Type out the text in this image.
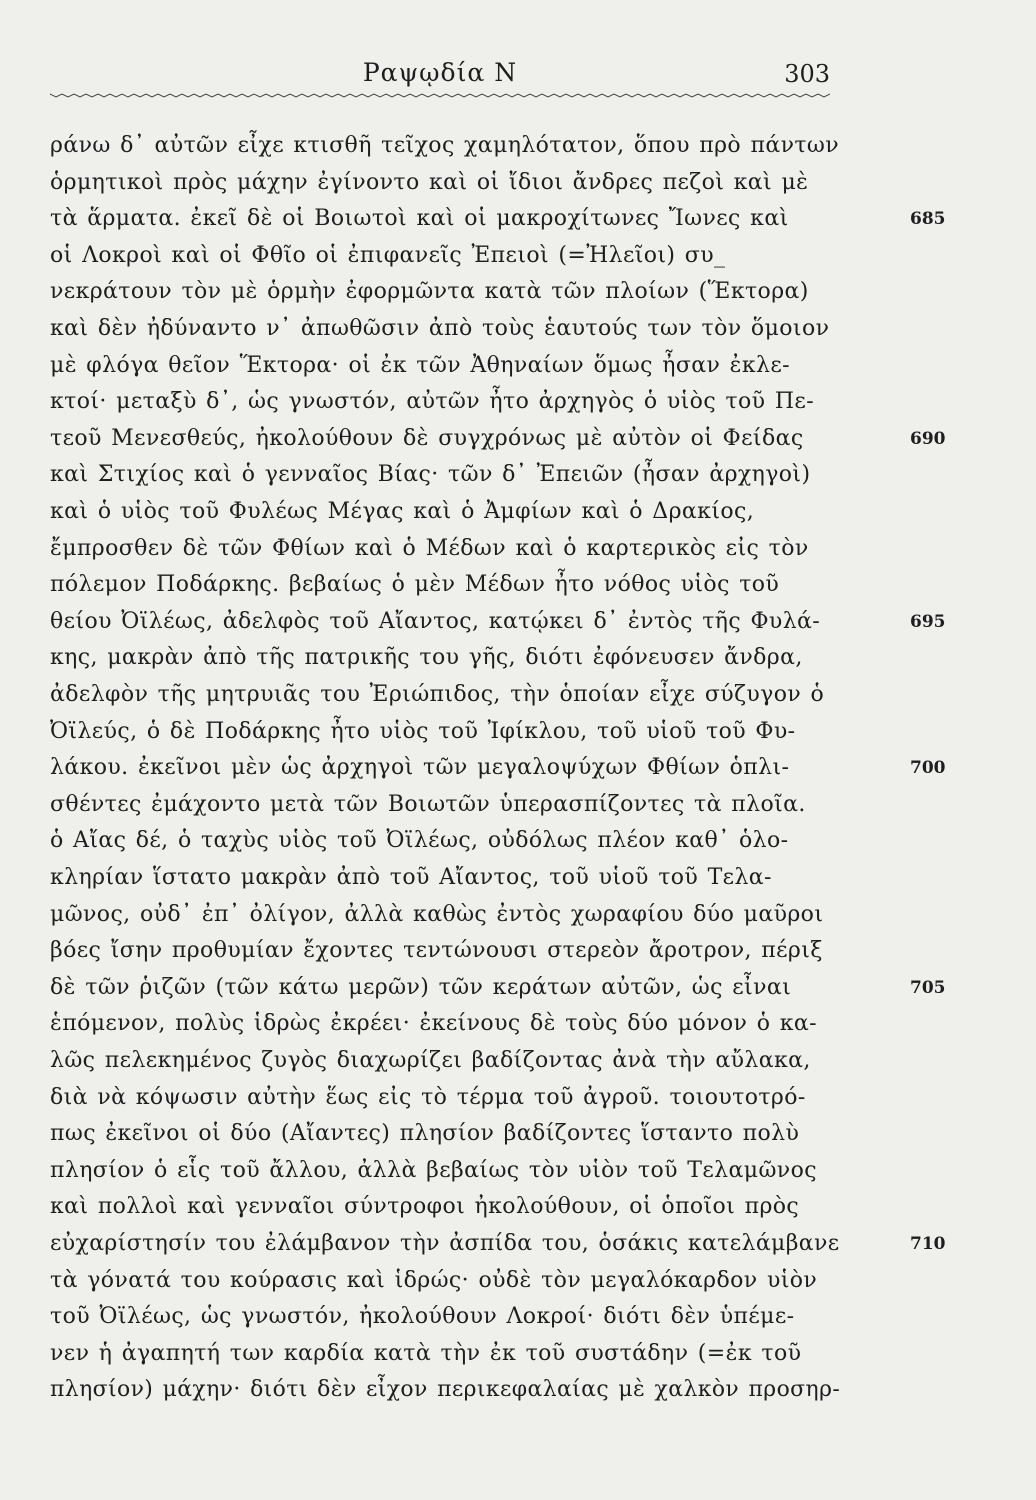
Ραψῳδία Ν	303
ράνω δ᾿ αὐτῶν εἶχε κτισθῆ τεῖχος χαμηλότατον, ὅπου πρὸ πάντων
ὁρμητικοὶ πρὸς μάχην ἐγίνοντο καὶ οἱ ἴδιοι ἄνδρες πεζοὶ καὶ μὲ
τὰ ἅρματα. ἐκεῖ δὲ οἱ Βοιωτοὶ καὶ οἱ μακροχίτωνες Ἴωνες καὶ	685
οἱ Λοκροὶ καὶ οἱ Φθῖο οἱ ἐπιφανεῖς Ἐπειοὶ (=Ἠλεῖοι) συ_
νεκράτουν τὸν μὲ ὁρμὴν ἐφορμῶντα κατὰ τῶν πλοίων (Ἕκτορα)
καὶ δὲν ἠδύναντο ν᾿ ἀπωθῶσιν ἀπὸ τοὺς ἑαυτούς των τὸν ὅμοιον
μὲ φλόγα θεῖον Ἕκτορα· οἱ ἐκ τῶν Ἀθηναίων ὅμως ἦσαν ἐκλε-
κτοί· μεταξὺ δ᾿, ὡς γνωστόν, αὐτῶν ἦτο ἀρχηγὸς ὁ υἱὸς τοῦ Πε-
τεοῦ Μενεσθεύς, ἠκολούθουν δὲ συγχρόνως μὲ αὐτὸν οἱ Φείδας	690
καὶ Στιχίος καὶ ὁ γενναῖος Βίας· τῶν δ᾿ Ἐπειῶν (ἦσαν ἀρχηγοὶ)
καὶ ὁ υἱὸς τοῦ Φυλέως Μέγας καὶ ὁ Ἀμφίων καὶ ὁ Δρακίος,
ἔμπροσθεν δὲ τῶν Φθίων καὶ ὁ Μέδων καὶ ὁ καρτερικὸς εἰς τὸν
πόλεμον Ποδάρκης. βεβαίως ὁ μὲν Μέδων ἦτο νόθος υἱὸς τοῦ
θείου Ὀϊλέως, ἀδελφὸς τοῦ Αἴαντος, κατῴκει δ᾿ ἐντὸς τῆς Φυλά-	695
κης, μακρὰν ἀπὸ τῆς πατρικῆς του γῆς, διότι ἐφόνευσεν ἄνδρα,
ἀδελφὸν τῆς μητρυιᾶς του Ἐριώπιδος, τὴν ὁποίαν εἶχε σύζυγον ὁ
Ὀϊλεύς, ὁ δὲ Ποδάρκης ἦτο υἱὸς τοῦ Ἰφίκλου, τοῦ υἱοῦ τοῦ Φυ-
λάκου. ἐκεῖνοι μὲν ὡς ἀρχηγοὶ τῶν μεγαλοψύχων Φθίων ὁπλι-	700
σθέντες ἐμάχοντο μετὰ τῶν Βοιωτῶν ὑπερασπίζοντες τὰ πλοῖα.
ὁ Αἴας δέ, ὁ ταχὺς υἱὸς τοῦ Ὀϊλέως, οὐδόλως πλέον καθ᾿ ὁλο-
κληρίαν ἵστατο μακρὰν ἀπὸ τοῦ Αἴαντος, τοῦ υἱοῦ τοῦ Τελα-
μῶνος, οὐδ᾿ ἐπ᾿ ὀλίγον, ἀλλὰ καθὼς ἐντὸς χωραφίου δύο μαῦροι
βόες ἴσην προθυμίαν ἔχοντες τεντώνουσι στερεὸν ἄροτρον, πέριξ
δὲ τῶν ῥιζῶν (τῶν κάτω μερῶν) τῶν κεράτων αὐτῶν, ὡς εἶναι	705
ἑπόμενον, πολὺς ἱδρὼς ἐκρέει· ἐκείνους δὲ τοὺς δύο μόνον ὁ κα-
λῶς πελεκημένος ζυγὸς διαχωρίζει βαδίζοντας ἀνὰ τὴν αὔλακα,
διὰ νὰ κόψωσιν αὐτὴν ἕως εἰς τὸ τέρμα τοῦ ἀγροῦ. τοιουτοτρό-
πως ἐκεῖνοι οἱ δύο (Αἴαντες) πλησίον βαδίζοντες ἵσταντο πολὺ
πλησίον ὁ εἷς τοῦ ἄλλου, ἀλλὰ βεβαίως τὸν υἱὸν τοῦ Τελαμῶνος
καὶ πολλοὶ καὶ γενναῖοι σύντροφοι ἠκολούθουν, οἱ ὁποῖοι πρὸς
εὐχαρίστησίν του ἐλάμβανον τὴν ἀσπίδα του, ὁσάκις κατελάμβανε	710
τὰ γόνατά του κούρασις καὶ ἱδρώς· οὐδὲ τὸν μεγαλόκαρδον υἱὸν
τοῦ Ὀϊλέως, ὡς γνωστόν, ἠκολούθουν Λοκροί· διότι δὲν ὑπέμε-
νεν ἡ ἀγαπητή των καρδία κατὰ τὴν ἐκ τοῦ συστάδην (=ἐκ τοῦ
πλησίον) μάχην· διότι δὲν εἶχον περικεφαλαίας μὲ χαλκὸν προσηρ-
